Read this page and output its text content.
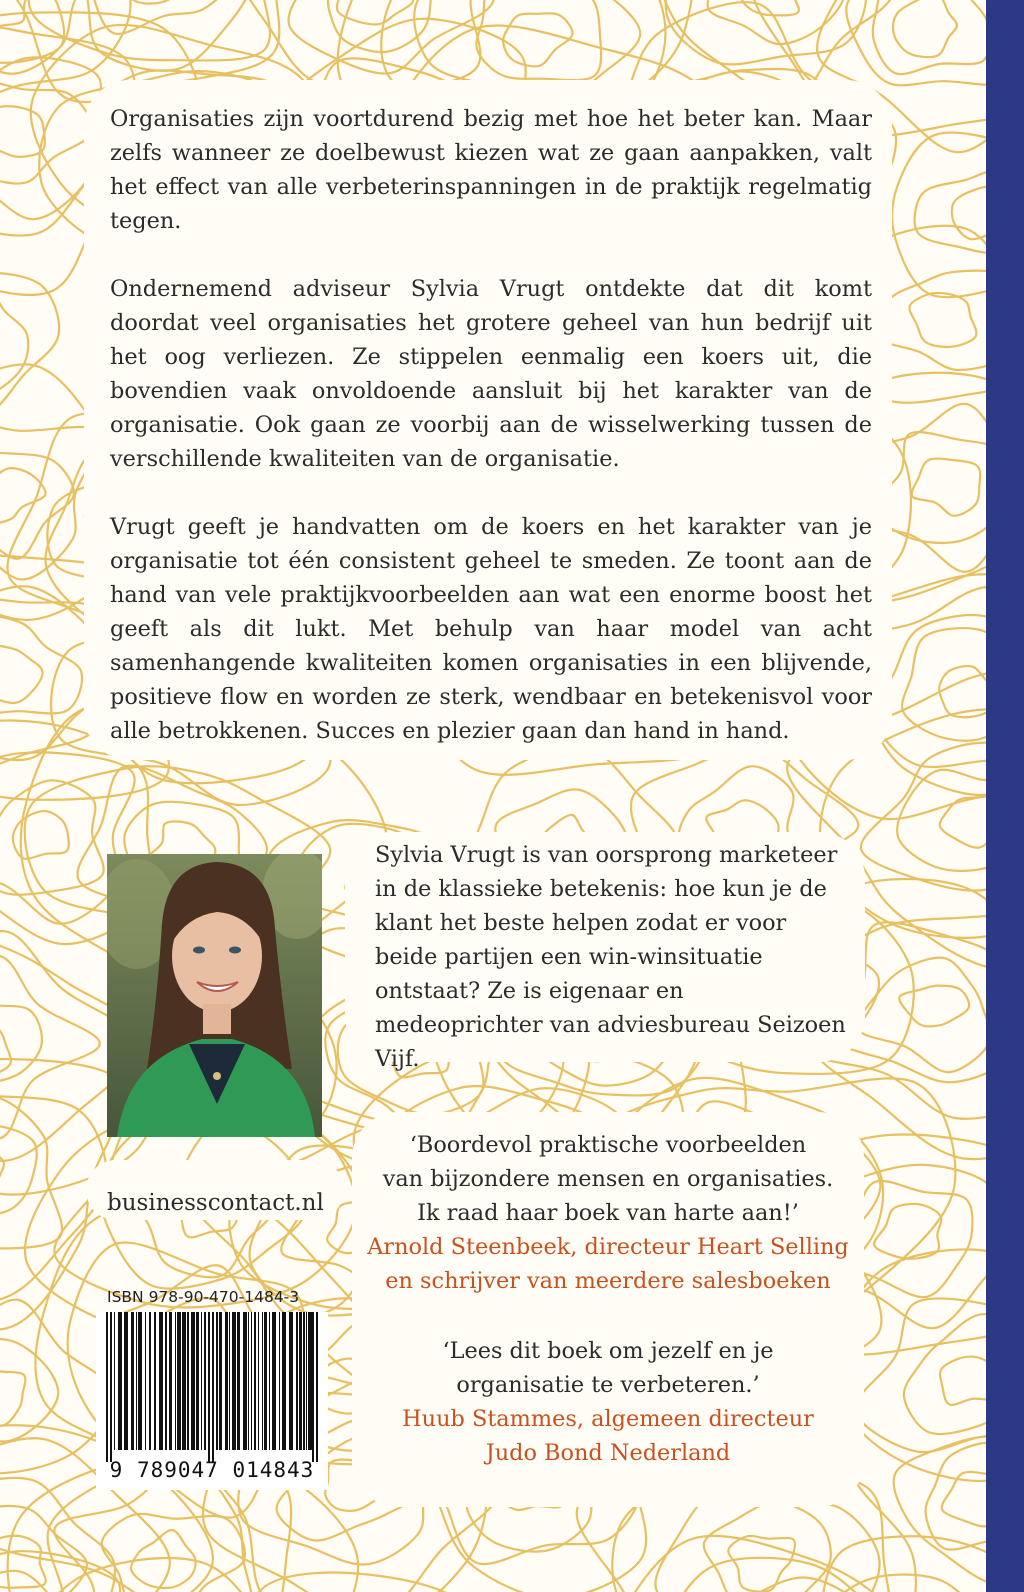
Organisaties zijn voortdurend bezig met hoe het beter kan. Maar zelfs wanneer ze doelbewust kiezen wat ze gaan aanpakken, valt het effect van alle verbeterinspanningen in de praktijk regelmatig tegen.

Ondernemend adviseur Sylvia Vrugt ontdekte dat dit komt doordat veel organisaties het grotere geheel van hun bedrijf uit het oog verliezen. Ze stippelen eenmalig een koers uit, die bovendien vaak onvoldoende aansluit bij het karakter van de organisatie. Ook gaan ze voorbij aan de wisselwerking tussen de verschillende kwaliteiten van de organisatie.

Vrugt geeft je handvatten om de koers en het karakter van je organisatie tot één consistent geheel te smeden. Ze toont aan de hand van vele praktijkvoorbeelden aan wat een enorme boost het geeft als dit lukt. Met behulp van haar model van acht samenhangende kwaliteiten komen organisaties in een blijvende, positieve flow en worden ze sterk, wendbaar en betekenisvol voor alle betrokkenen. Succes en plezier gaan dan hand in hand.

Sylvia Vrugt is van oorsprong marketeer in de klassieke betekenis: hoe kun je de klant het beste helpen zodat er voor beide partijen een win-winsituatie ontstaat? Ze is eigenaar en medeoprichter van adviesbureau Seizoen Vijf.

businesscontact.nl
ISBN 978-90-470-1484-3
9 789047 014843
‘Boordevol praktische voorbeelden
van bijzondere mensen en organisaties.
Ik raad haar boek van harte aan!’
Arnold Steenbeek, directeur Heart Selling
en schrijver van meerdere salesboeken
‘Lees dit boek om jezelf en je
organisatie te verbeteren.’
Huub Stammes, algemeen directeur
Judo Bond Nederland
